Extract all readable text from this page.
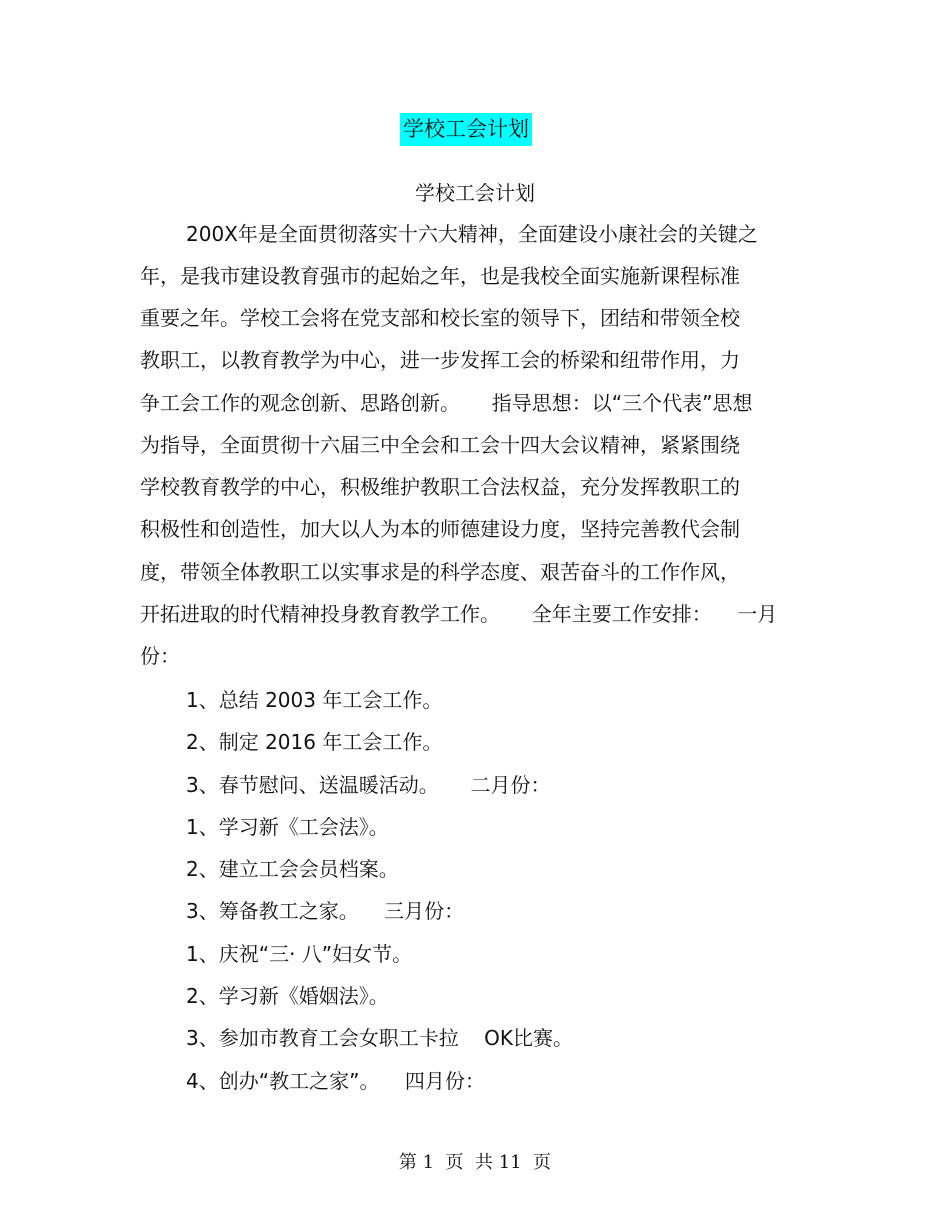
学校工会计划
学校工会计划
200X年是全面贯彻落实十六大精神，全面建设小康社会的关键之
年，是我市建设教育强市的起始之年，也是我校全面实施新课程标准
重要之年。学校工会将在党支部和校长室的领导下，团结和带领全校
教职工，以教育教学为中心，进一步发挥工会的桥梁和纽带作用，力
争工会工作的观念创新、思路创新。     指导思想：以“三个代表”思想
为指导，全面贯彻十六届三中全会和工会十四大会议精神，紧紧围绕
学校教育教学的中心，积极维护教职工合法权益，充分发挥教职工的
积极性和创造性，加大以人为本的师德建设力度，坚持完善教代会制
度，带领全体教职工以实事求是的科学态度、艰苦奋斗的工作作风，
开拓进取的时代精神投身教育教学工作。     全年主要工作安排：    一月
份：
1、总结 2003 年工会工作。
2、制定 2016 年工会工作。
3、春节慰问、送温暖活动。     二月份：
1、学习新《工会法》。
2、建立工会会员档案。
3、筹备教工之家。    三月份：
1、庆祝“三· 八”妇女节。
2、学习新《婚姻法》。
3、参加市教育工会女职工卡拉    OK比赛。
4、创办“教工之家”。    四月份：
第 1  页  共 11  页
